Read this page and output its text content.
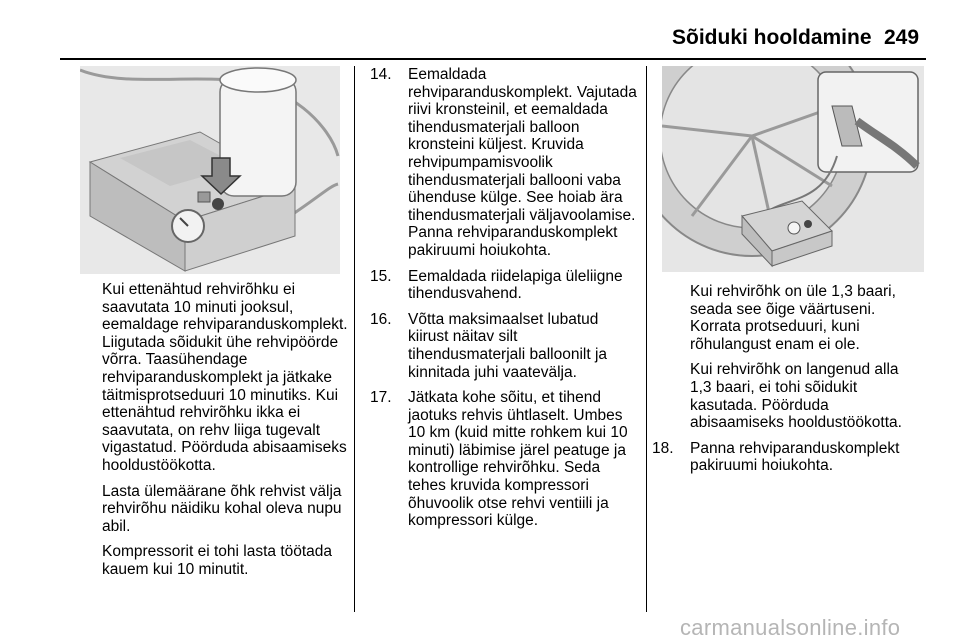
Sõiduki hooldamine 249

Kui ettenähtud rehvirõhku ei saavutata 10 minuti jooksul, eemaldage rehviparanduskomplekt. Liigutada sõidukit ühe rehvipöörde võrra. Taasühendage rehviparanduskomplekt ja jätkake täitmisprotseduuri 10 minutiks. Kui ettenähtud rehvirõhku ikka ei saavutata, on rehv liiga tugevalt vigastatud. Pöörduda abisaamiseks hooldustöökotta.

Lasta ülemäärane õhk rehvist välja rehvirõhu näidiku kohal oleva nupu abil.

Kompressorit ei tohi lasta töötada kauem kui 10 minutit.

14. Eemaldada rehviparanduskomplekt. Vajutada riivi kronsteinil, et eemaldada tihendusmaterjali balloon kronsteini küljest. Kruvida rehvipumpamisvoolik tihendusmaterjali ballooni vaba ühenduse külge. See hoiab ära tihendusmaterjali väljavoolamise. Panna rehviparanduskomplekt pakiruumi hoiukohta.
15. Eemaldada riidelapiga üleliigne tihendusvahend.
16. Võtta maksimaalset lubatud kiirust näitav silt tihendusmaterjali balloonilt ja kinnitada juhi vaatevälja.
17. Jätkata kohe sõitu, et tihend jaotuks rehvis ühtlaselt. Umbes 10 km (kuid mitte rohkem kui 10 minuti) läbimise järel peatuge ja kontrollige rehvirõhku. Seda tehes kruvida kompressori õhuvoolik otse rehvi ventiili ja kompressori külge.

Kui rehvirõhk on üle 1,3 baari, seada see õige väärtuseni. Korrata protseduuri, kuni rõhulangust enam ei ole.

Kui rehvirõhk on langenud alla 1,3 baari, ei tohi sõidukit kasutada. Pöörduda abisaamiseks hooldustöökotta.

18. Panna rehviparanduskomplekt pakiruumi hoiukohta.
carmanualsonline.info
